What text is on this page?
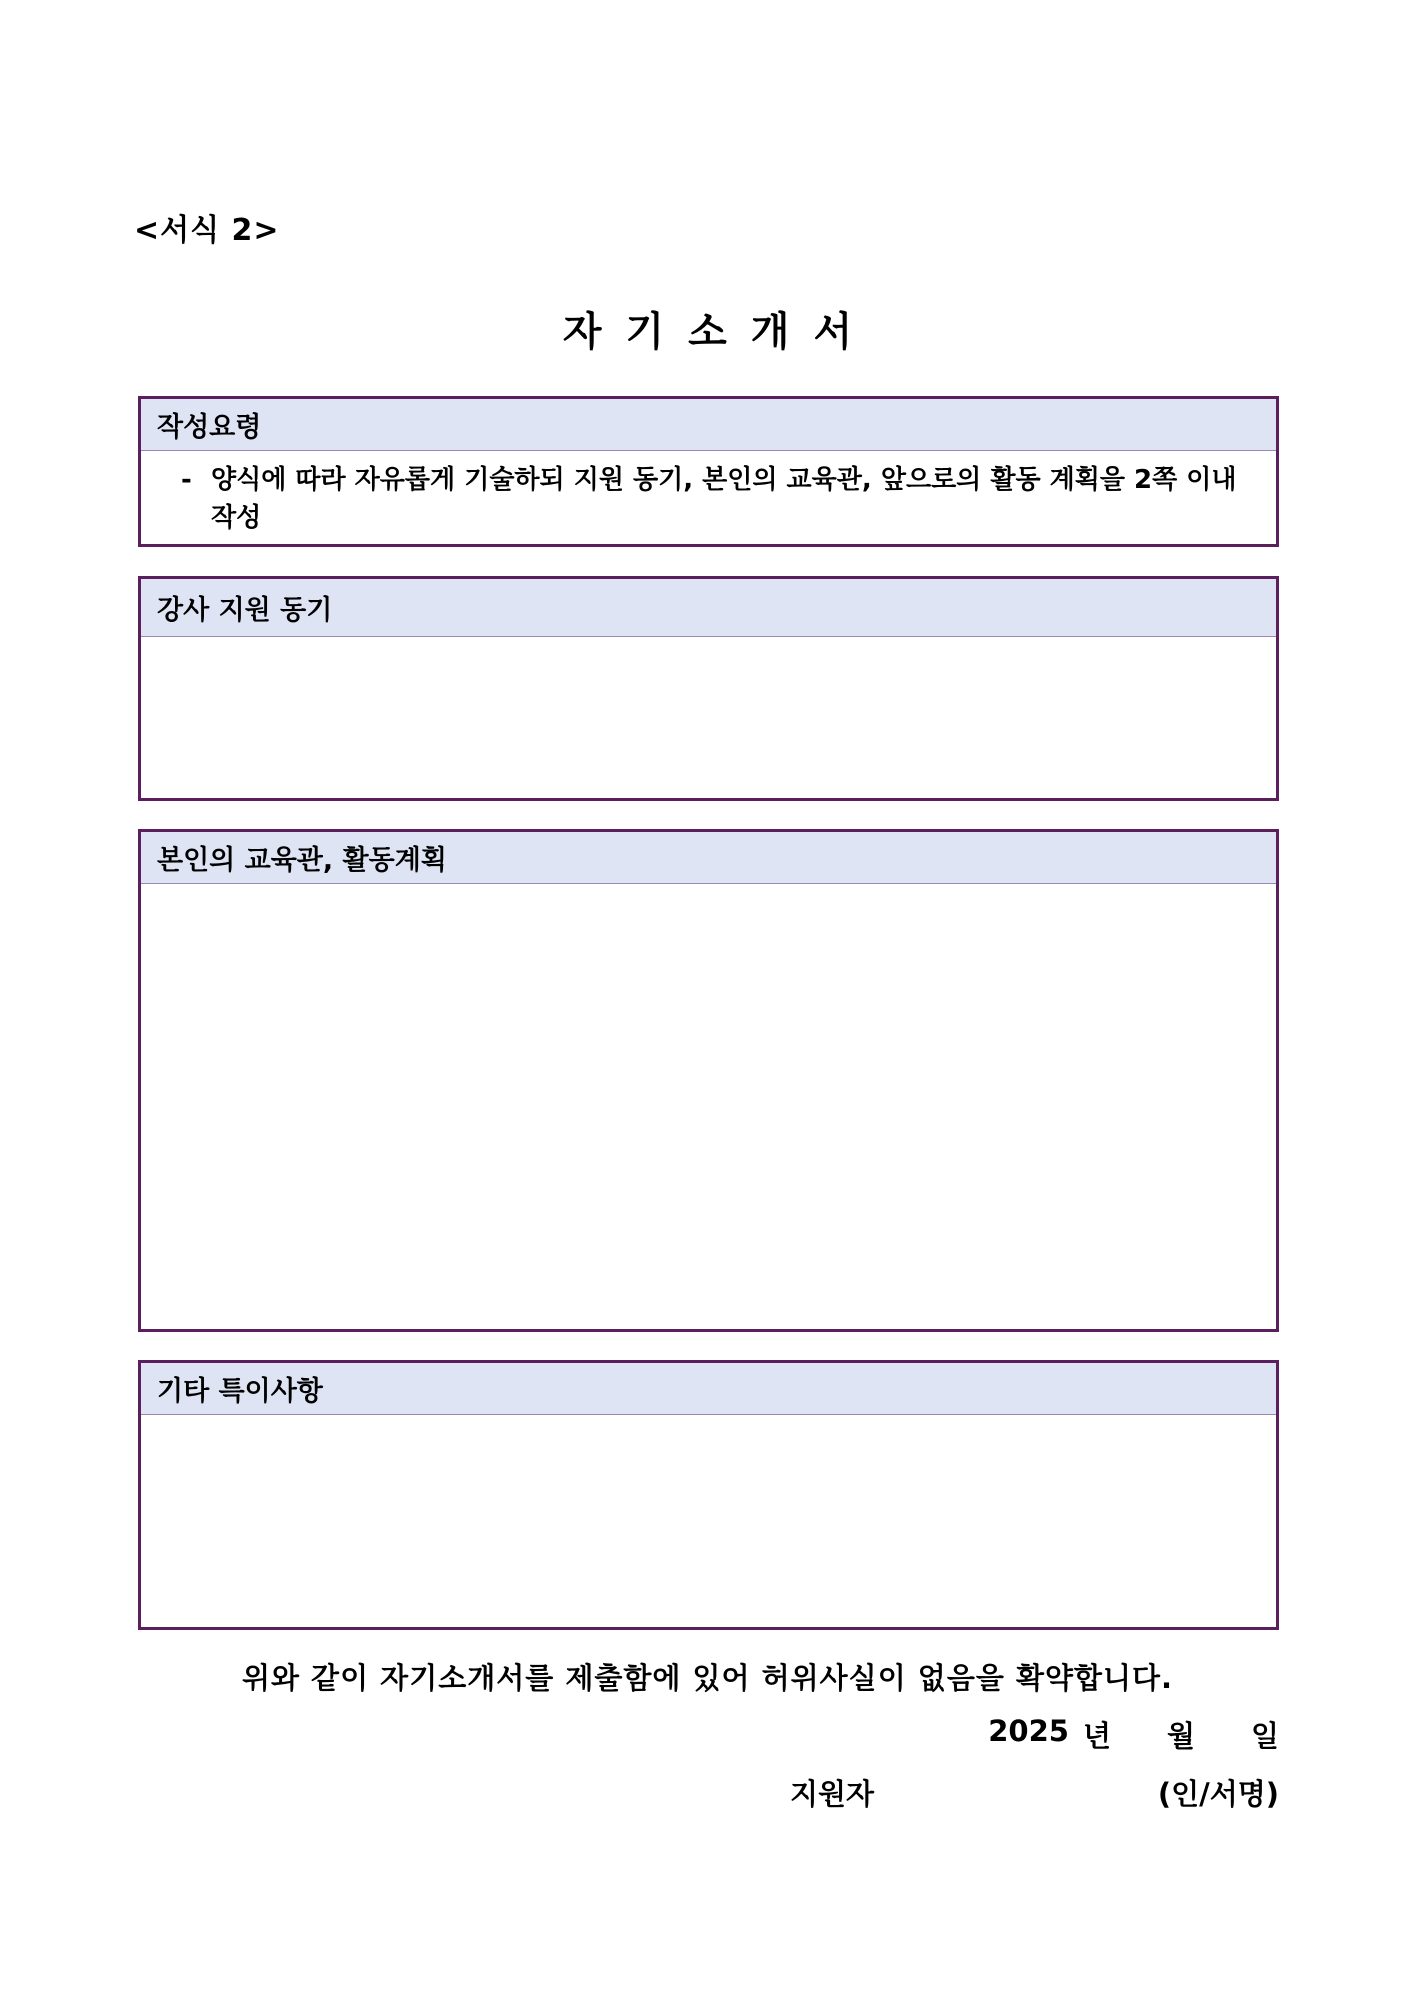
<서식 2>
자기소개서
작성요령
- 양식에 따라 자유롭게 기술하되 지원 동기, 본인의 교육관, 앞으로의 활동 계획을 2쪽 이내 작성
강사 지원 동기
본인의 교육관, 활동계획
기타 특이사항
위와 같이 자기소개서를 제출함에 있어 허위사실이 없음을 확약합니다.
2025 년 월 일
지원자	(인/서명)
